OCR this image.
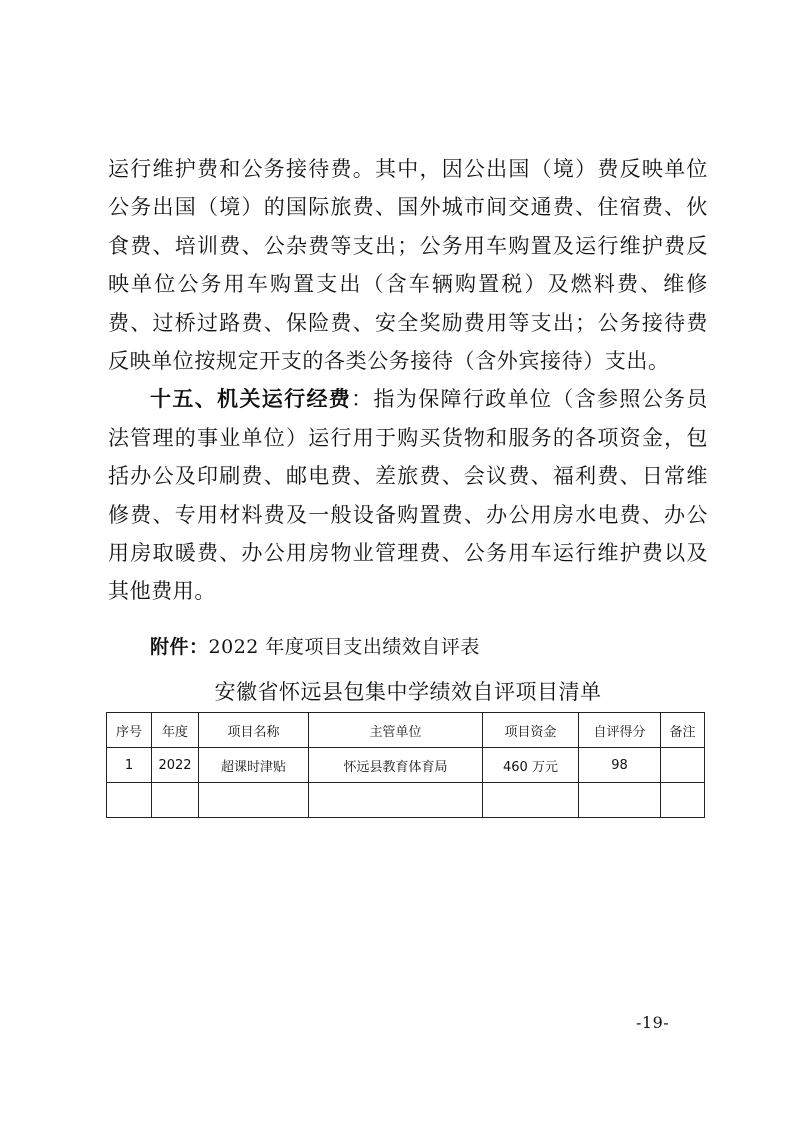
运行维护费和公务接待费。其中，因公出国（境）费反映单位公务出国（境）的国际旅费、国外城市间交通费、住宿费、伙食费、培训费、公杂费等支出；公务用车购置及运行维护费反映单位公务用车购置支出（含车辆购置税）及燃料费、维修费、过桥过路费、保险费、安全奖励费用等支出；公务接待费反映单位按规定开支的各类公务接待（含外宾接待）支出。

十五、机关运行经费：指为保障行政单位（含参照公务员法管理的事业单位）运行用于购买货物和服务的各项资金，包括办公及印刷费、邮电费、差旅费、会议费、福利费、日常维修费、专用材料费及一般设备购置费、办公用房水电费、办公用房取暖费、办公用房物业管理费、公务用车运行维护费以及其他费用。

附件：2022 年度项目支出绩效自评表
安徽省怀远县包集中学绩效自评项目清单
序号	年度	项目名称	主管单位	项目资金	自评得分	备注
1	2022	超课时津贴	怀远县教育体育局	460 万元	98	

-19-
